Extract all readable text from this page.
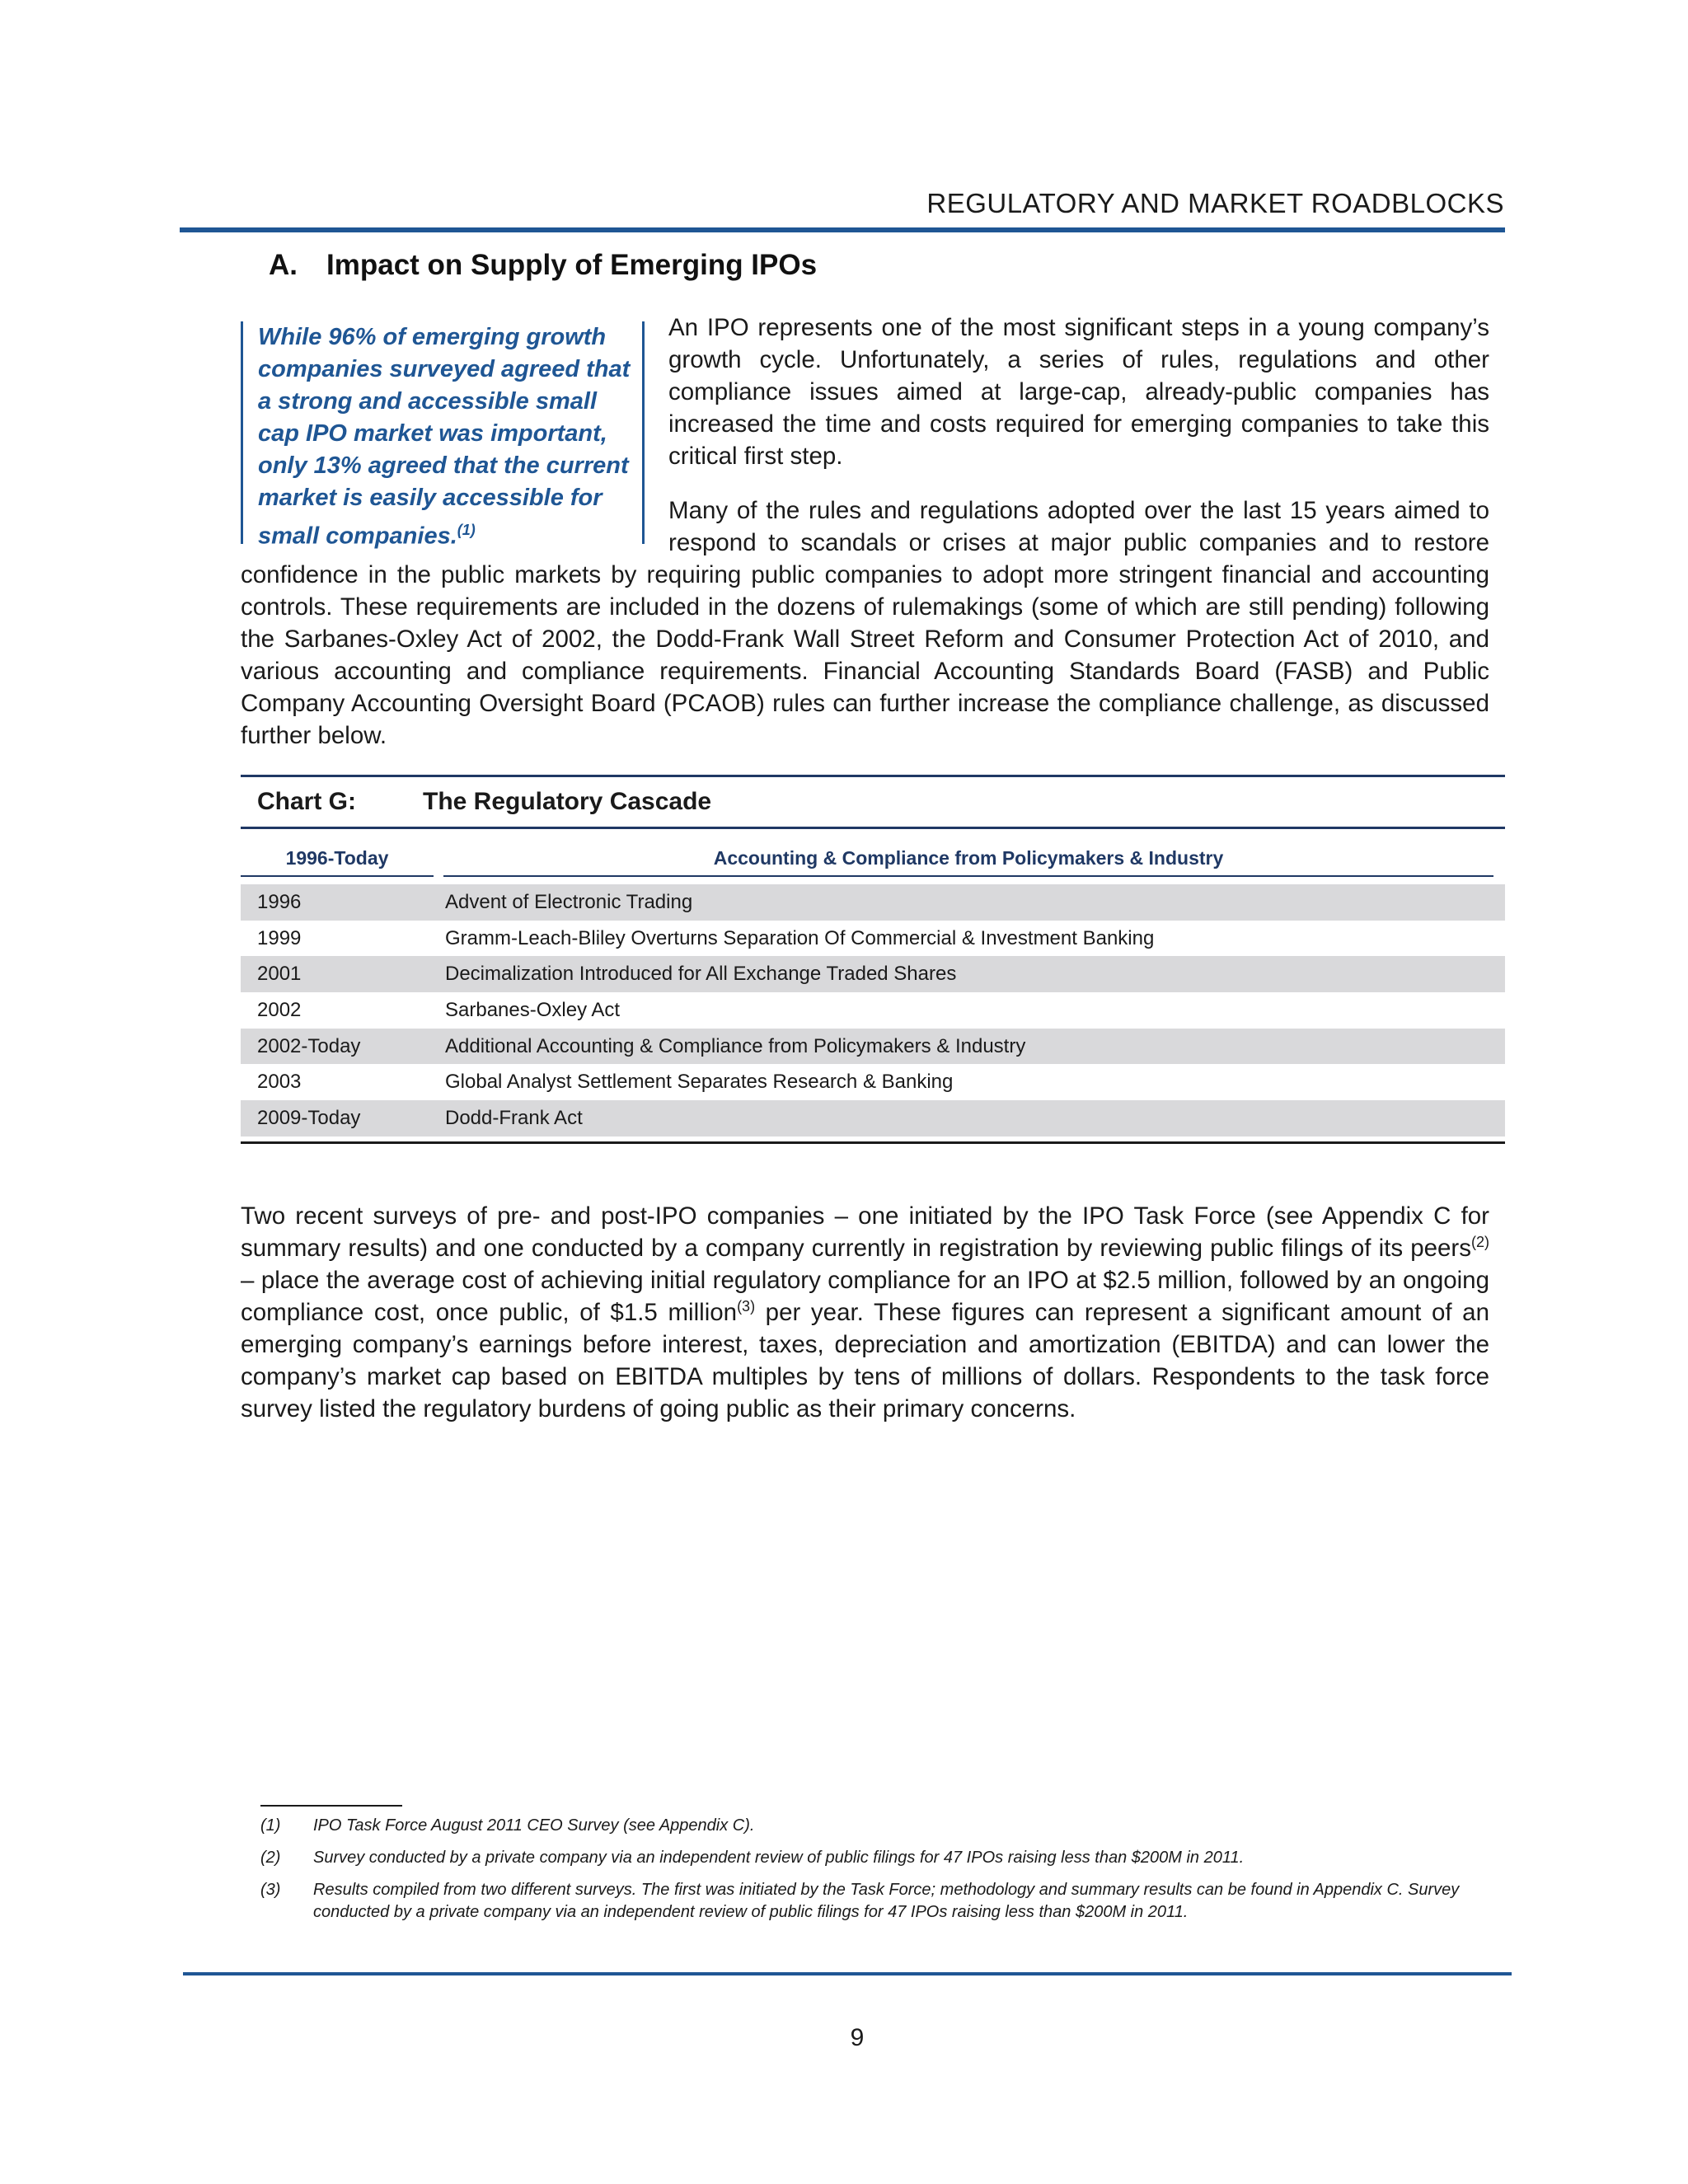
REGULATORY AND MARKET ROADBLOCKS
A. Impact on Supply of Emerging IPOs
While 96% of emerging growth companies surveyed agreed that a strong and accessible small cap IPO market was important, only 13% agreed that the current market is easily accessible for small companies.$^{(1)}$
An IPO represents one of the most significant steps in a young company’s growth cycle. Unfortunately, a series of rules, regulations and other compliance issues aimed at large-cap, already-public companies has increased the time and costs required for emerging companies to take this critical first step.
Many of the rules and regulations adopted over the last 15 years aimed to respond to scandals or crises at major public companies and to restore
confidence in the public markets by requiring public companies to adopt more stringent financial and accounting controls. These requirements are included in the dozens of rulemakings (some of which are still pending) following the Sarbanes-Oxley Act of 2002, the Dodd-Frank Wall Street Reform and Consumer Protection Act of 2010, and various accounting and compliance requirements. Financial Accounting Standards Board (FASB) and Public Company Accounting Oversight Board (PCAOB) rules can further increase the compliance challenge, as discussed further below.
Chart G:	The Regulatory Cascade
1996-Today	Accounting & Compliance from Policymakers & Industry
1996	Advent of Electronic Trading
1999	Gramm-Leach-Bliley Overturns Separation Of Commercial & Investment Banking
2001	Decimalization Introduced for All Exchange Traded Shares
2002	Sarbanes-Oxley Act
2002-Today	Additional Accounting & Compliance from Policymakers & Industry
2003	Global Analyst Settlement Separates Research & Banking
2009-Today	Dodd-Frank Act
Two recent surveys of pre- and post-IPO companies – one initiated by the IPO Task Force (see Appendix C for summary results) and one conducted by a company currently in registration by reviewing public filings of its peers$^{(2)}$ – place the average cost of achieving initial regulatory compliance for an IPO at $2.5 million, followed by an ongoing compliance cost, once public, of $1.5 million$^{(3)}$ per year. These figures can represent a significant amount of an emerging company’s earnings before interest, taxes, depreciation and amortization (EBITDA) and can lower the company’s market cap based on EBITDA multiples by tens of millions of dollars. Respondents to the task force survey listed the regulatory burdens of going public as their primary concerns.
(1)	IPO Task Force August 2011 CEO Survey (see Appendix C).
(2)	Survey conducted by a private company via an independent review of public filings for 47 IPOs raising less than $200M in 2011.
(3)	Results compiled from two different surveys. The first was initiated by the Task Force; methodology and summary results can be found in Appendix C. Survey conducted by a private company via an independent review of public filings for 47 IPOs raising less than $200M in 2011.
9
